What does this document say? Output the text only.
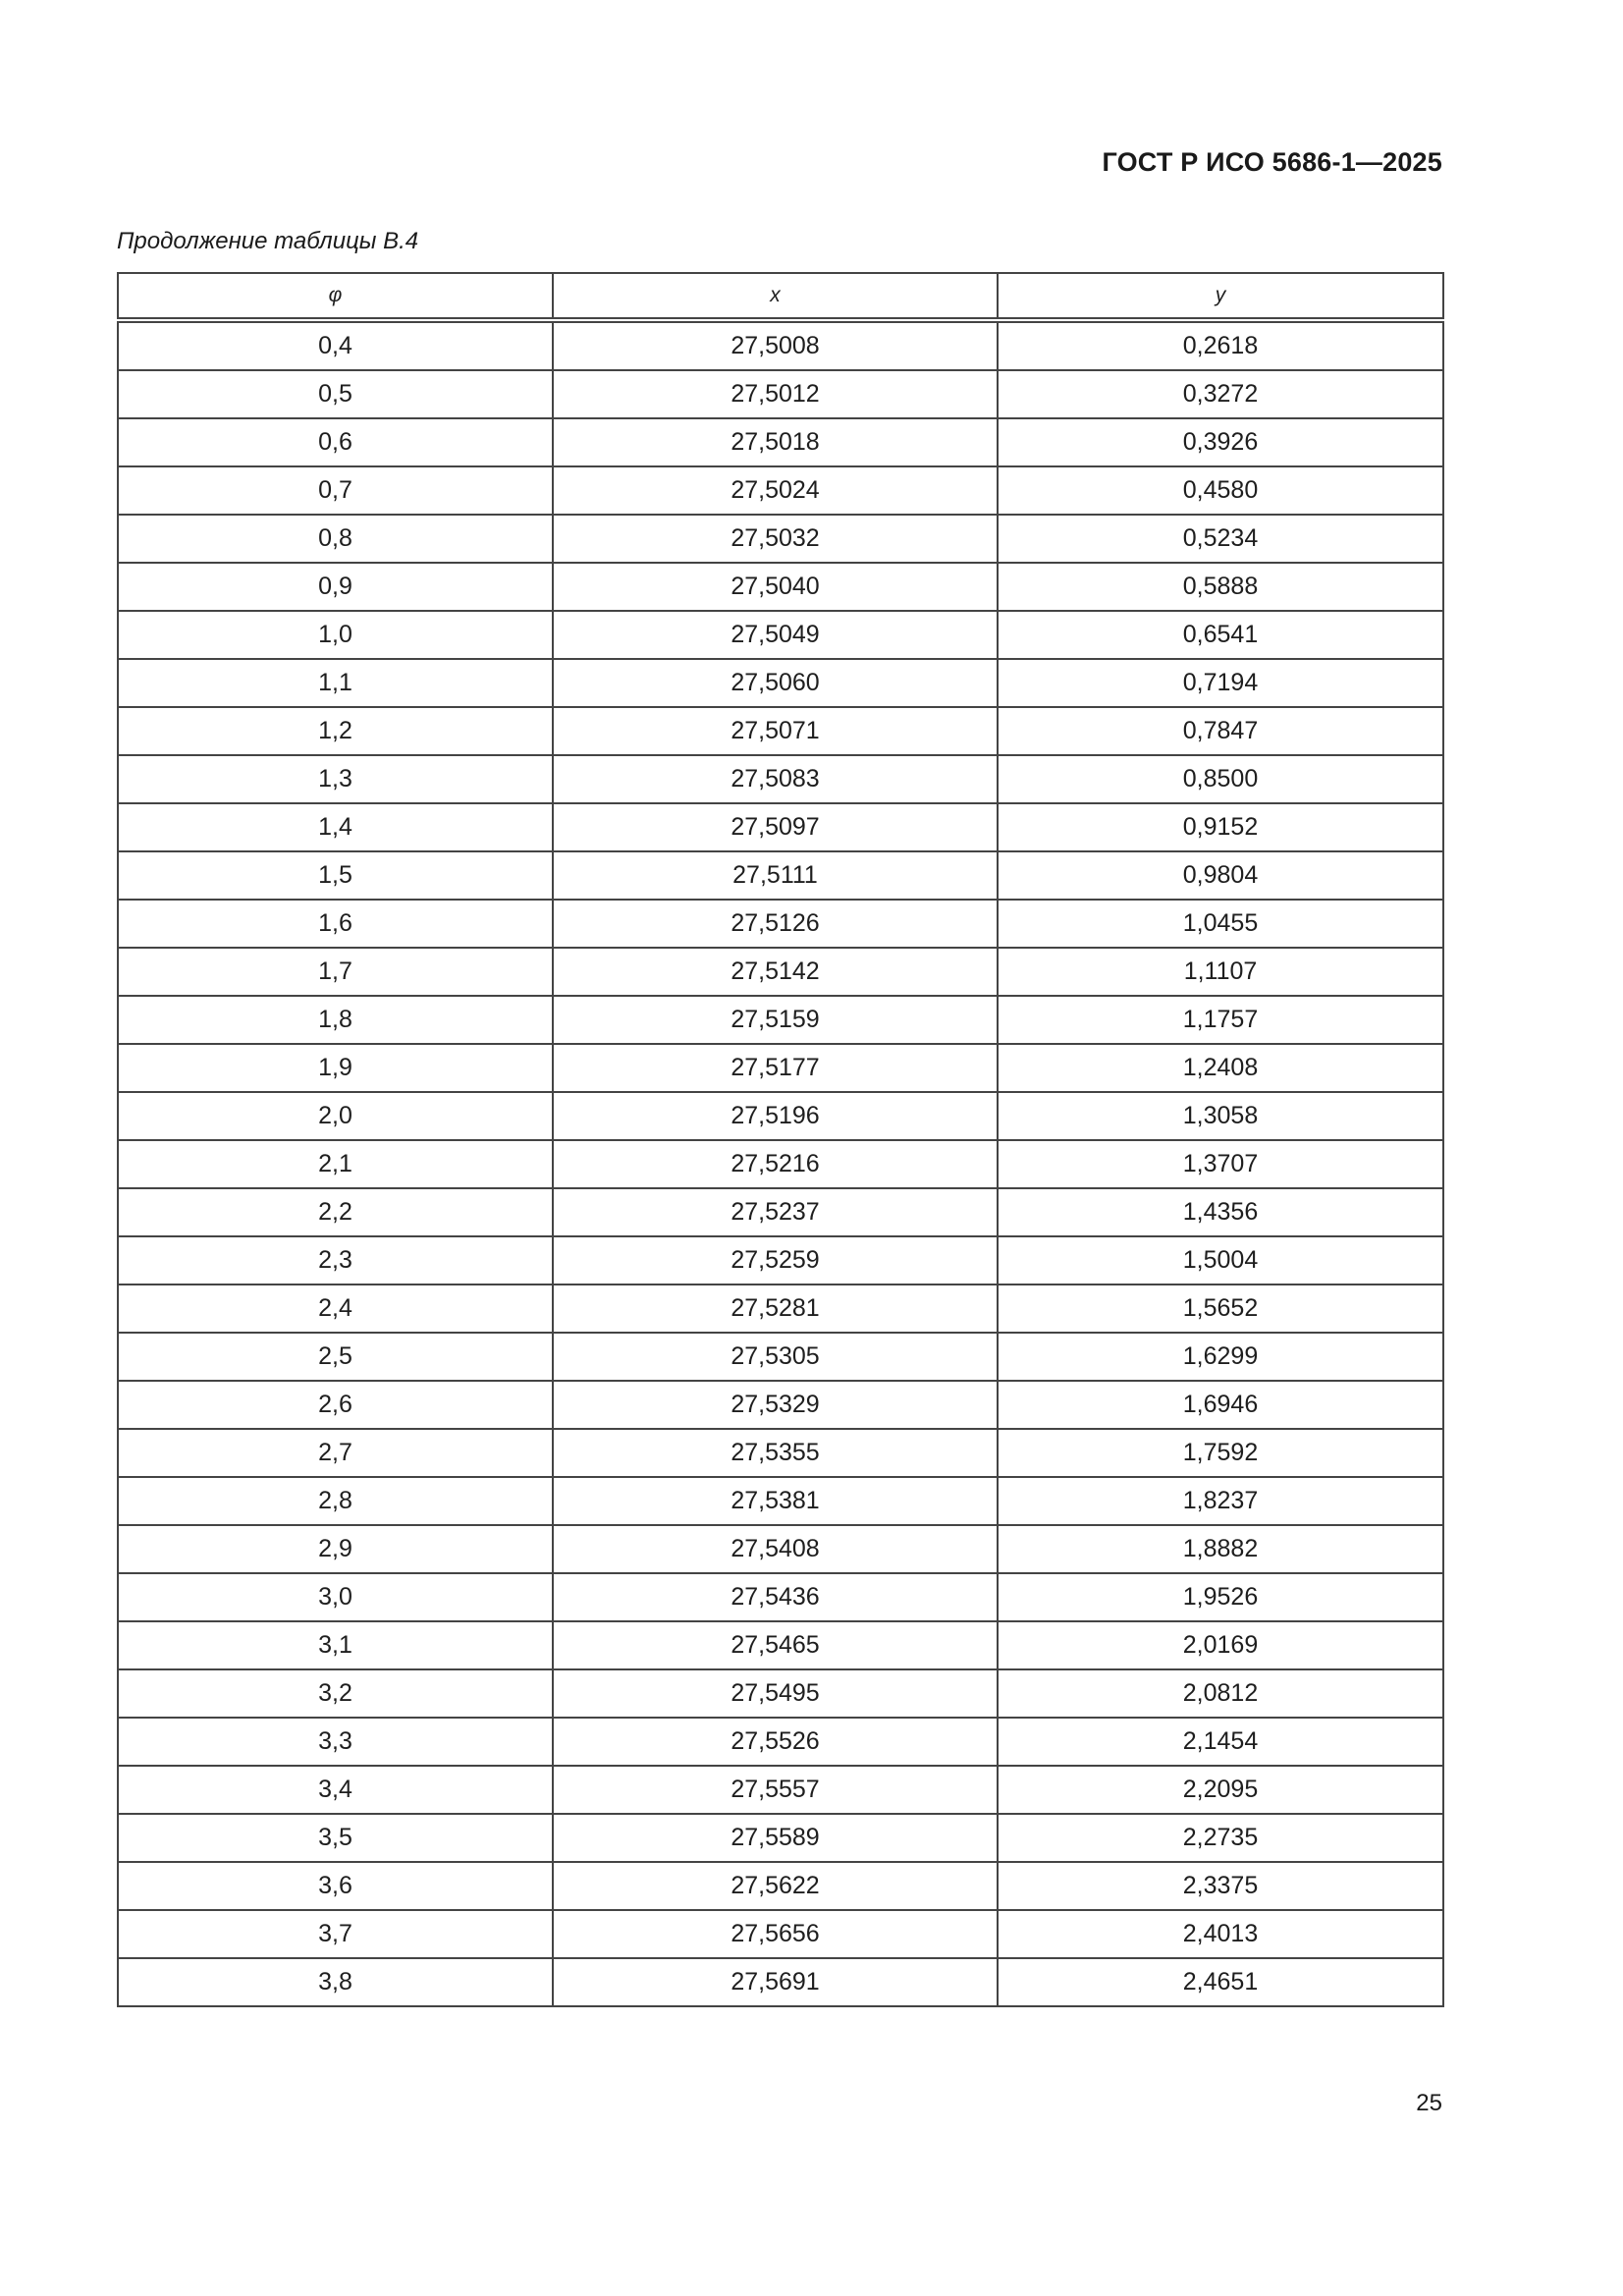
ГОСТ Р ИСО 5686-1—2025
Продолжение таблицы В.4
φ	x	y
0,4	27,5008	0,2618
0,5	27,5012	0,3272
0,6	27,5018	0,3926
0,7	27,5024	0,4580
0,8	27,5032	0,5234
0,9	27,5040	0,5888
1,0	27,5049	0,6541
1,1	27,5060	0,7194
1,2	27,5071	0,7847
1,3	27,5083	0,8500
1,4	27,5097	0,9152
1,5	27,5111	0,9804
1,6	27,5126	1,0455
1,7	27,5142	1,1107
1,8	27,5159	1,1757
1,9	27,5177	1,2408
2,0	27,5196	1,3058
2,1	27,5216	1,3707
2,2	27,5237	1,4356
2,3	27,5259	1,5004
2,4	27,5281	1,5652
2,5	27,5305	1,6299
2,6	27,5329	1,6946
2,7	27,5355	1,7592
2,8	27,5381	1,8237
2,9	27,5408	1,8882
3,0	27,5436	1,9526
3,1	27,5465	2,0169
3,2	27,5495	2,0812
3,3	27,5526	2,1454
3,4	27,5557	2,2095
3,5	27,5589	2,2735
3,6	27,5622	2,3375
3,7	27,5656	2,4013
3,8	27,5691	2,4651
25
